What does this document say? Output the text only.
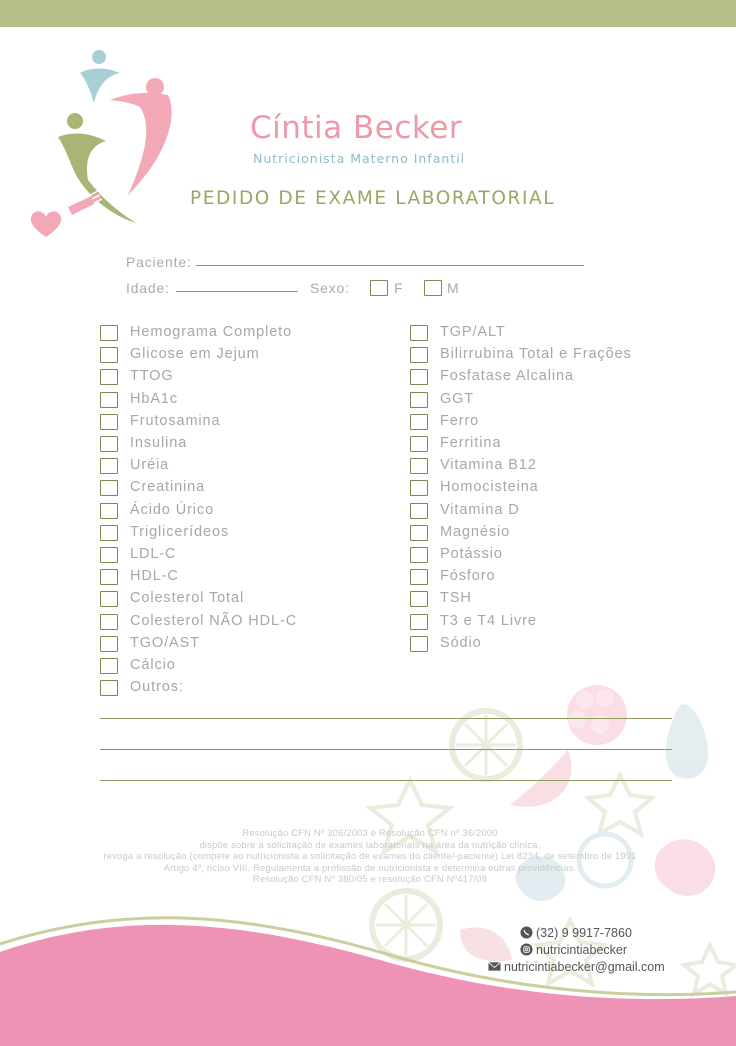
Cíntia Becker
Nutricionista Materno Infantil
PEDIDO DE EXAME LABORATORIAL
Paciente:
Idade:	Sexo:	F	M
Hemograma Completo
Glicose em Jejum
TTOG
HbA1c
Frutosamina
Insulina
Uréia
Creatinina
Ácido Úrico
Triglicerídeos
LDL-C
HDL-C
Colesterol Total
Colesterol NÃO HDL-C
TGO/AST
Cálcio
Outros:
TGP/ALT
Bilirrubina Total e Frações
Fosfatase Alcalina
GGT
Ferro
Ferritina
Vitamina B12
Homocisteina
Vitamina D
Magnésio
Potássio
Fósforo
TSH
T3 e T4 Livre
Sódio
Resolução CFN Nº 306/2003 e Resolução CFN nº 36/2000
dispõe sobre a solicitação de exames laboratoriais na área da nutrição clínica,
revoga a resolução (compete ao nutricionista a solicitação de exames do cliente/-paciente) Lei 8234, de setembro de 1991
Artigo 4º, nciso VIII. Regulamenta a profissão de nutricionista e determina outras providências.
Resolução CFN Nº 380/05 e resolução CFN Nº417/08
(32) 9 9917-7860
nutricintiabecker
nutricintiabecker@gmail.com
